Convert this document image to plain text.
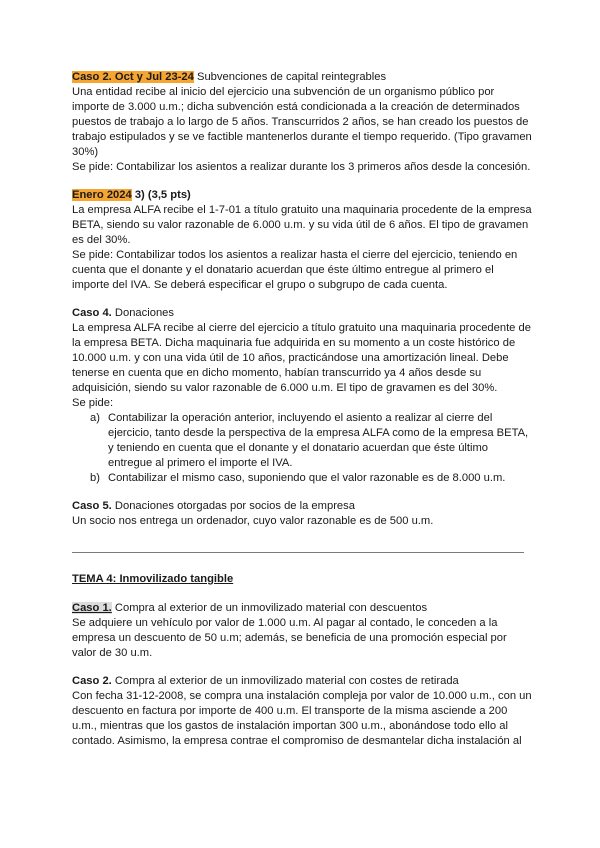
Caso 2. Oct y Jul 23-24 Subvenciones de capital reintegrables

Una entidad recibe al inicio del ejercicio una subvención de un organismo público por importe de 3.000 u.m.; dicha subvención está condicionada a la creación de determinados puestos de trabajo a lo largo de 5 años. Transcurridos 2 años, se han creado los puestos de trabajo estipulados y se ve factible mantenerlos durante el tiempo requerido. (Tipo gravamen 30%)

Se pide: Contabilizar los asientos a realizar durante los 3 primeros años desde la concesión.

Enero 2024 3) (3,5 pts)

La empresa ALFA recibe el 1-7-01 a título gratuito una maquinaria procedente de la empresa BETA, siendo su valor razonable de 6.000 u.m. y su vida útil de 6 años. El tipo de gravamen es del 30%.

Se pide: Contabilizar todos los asientos a realizar hasta el cierre del ejercicio, teniendo en cuenta que el donante y el donatario acuerdan que éste último entregue al primero el importe del IVA. Se deberá especificar el grupo o subgrupo de cada cuenta.

Caso 4. Donaciones

La empresa ALFA recibe al cierre del ejercicio a título gratuito una maquinaria procedente de la empresa BETA. Dicha maquinaria fue adquirida en su momento a un coste histórico de 10.000 u.m. y con una vida útil de 10 años, practicándose una amortización lineal. Debe tenerse en cuenta que en dicho momento, habían transcurrido ya 4 años desde su adquisición, siendo su valor razonable de 6.000 u.m. El tipo de gravamen es del 30%.

Se pide:

a) Contabilizar la operación anterior, incluyendo el asiento a realizar al cierre del ejercicio, tanto desde la perspectiva de la empresa ALFA como de la empresa BETA, y teniendo en cuenta que el donante y el donatario acuerdan que éste último entregue al primero el importe el IVA.
b) Contabilizar el mismo caso, suponiendo que el valor razonable es de 8.000 u.m.

Caso 5. Donaciones otorgadas por socios de la empresa

Un socio nos entrega un ordenador, cuyo valor razonable es de 500 u.m.

TEMA 4: Inmovilizado tangible

Caso 1. Compra al exterior de un inmovilizado material con descuentos

Se adquiere un vehículo por valor de 1.000 u.m. Al pagar al contado, le conceden a la empresa un descuento de 50 u.m; además, se beneficia de una promoción especial por valor de 30 u.m.

Caso 2. Compra al exterior de un inmovilizado material con costes de retirada

Con fecha 31-12-2008, se compra una instalación compleja por valor de 10.000 u.m., con un descuento en factura por importe de 400 u.m. El transporte de la misma asciende a 200 u.m., mientras que los gastos de instalación importan 300 u.m., abonándose todo ello al contado. Asimismo, la empresa contrae el compromiso de desmantelar dicha instalación al
